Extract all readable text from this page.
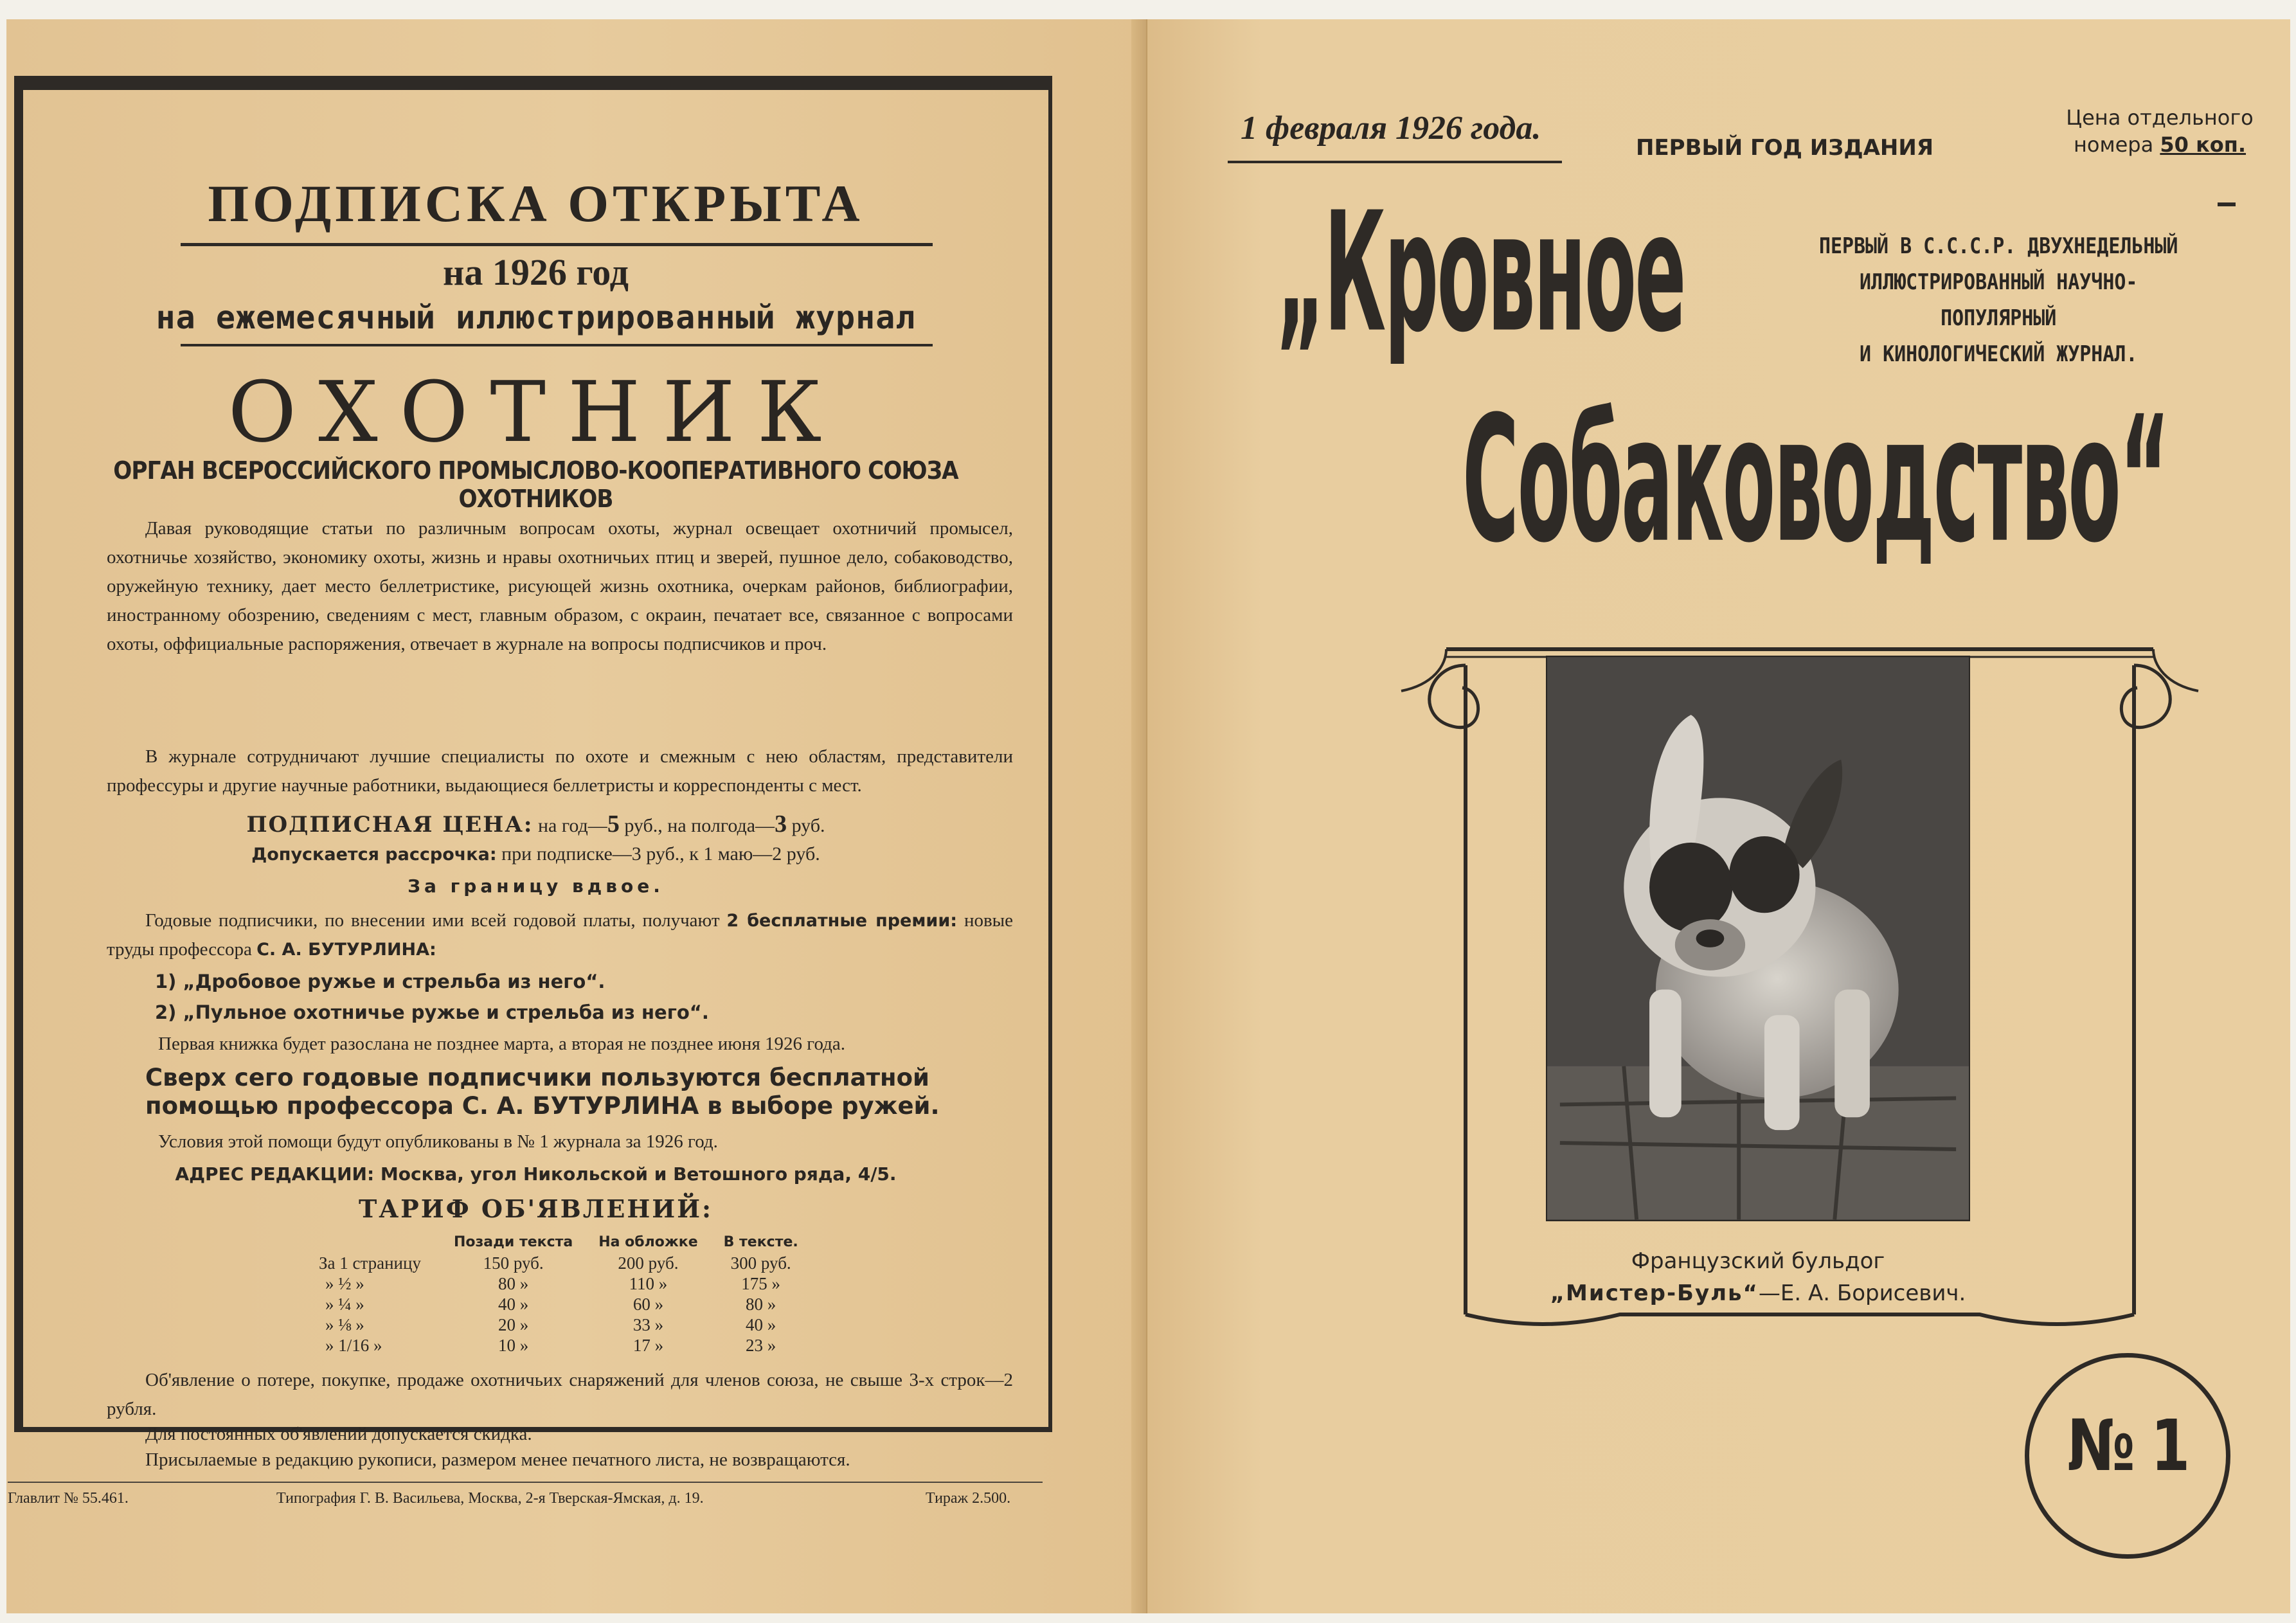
ПОДПИСКА ОТКРЫТА
на 1926 год
на ежемесячный иллюстрированный журнал
ОХОТНИК
ОРГАН ВСЕРОССИЙСКОГО ПРОМЫСЛОВО-КООПЕРАТИВНОГО СОЮЗА ОХОТНИКОВ
Давая руководящие статьи по различным вопросам охоты, журнал освещает охотничий промысел, охотничье хозяйство, экономику охоты, жизнь и нравы охотничьих птиц и зверей, пушное дело, собаководство, оружейную технику, дает место беллетристике, рисующей жизнь охотника, очеркам районов, библиографии, иностранному обозрению, сведениям с мест, главным образом, с окраин, печатает все, связанное с вопросами охоты, оффициальные распоряжения, отвечает в журнале на вопросы подписчиков и проч.
В журнале сотрудничают лучшие специалисты по охоте и смежным с нею областям, представители профессуры и другие научные работники, выдающиеся беллетристы и корреспонденты с мест.
ПОДПИСНАЯ ЦЕНА: на год—5 руб., на полгода—3 руб.
Допускается рассрочка: при подписке—3 руб., к 1 маю—2 руб.
За границу вдвое.
Годовые подписчики, по внесении ими всей годовой платы, получают 2 бесплатные премии: новые труды профессора С. А. БУТУРЛИНА:
1) „Дробовое ружье и стрельба из него“.
2) „Пульное охотничье ружье и стрельба из него“.
Первая книжка будет разослана не позднее марта, а вторая не позднее июня 1926 года.
Сверх сего годовые подписчики пользуются бесплатной помощью профессора С. А. БУТУРЛИНА в выборе ружей.
Условия этой помощи будут опубликованы в № 1 журнала за 1926 год.
АДРЕС РЕДАКЦИИ: Москва, угол Никольской и Ветошного ряда, 4/5.
ТАРИФ ОБ'ЯВЛЕНИЙ:
	Позади текста	На обложке	В тексте.
За 1 страницу	150 руб.	200 руб.	300 руб.
» ½ »	80 »	110 »	175 »
» ¼ »	40 »	60 »	80 »
» ⅛ »	20 »	33 »	40 »
» 1/16 »	10 »	17 »	23 »
Об'явление о потере, покупке, продаже охотничьих снаряжений для членов союза, не свыше 3-х строк—2 рубля.
Для постоянных об'явлений допускается скидка.
Присылаемые в редакцию рукописи, размером менее печатного листа, не возвращаются.
Главлит № 55.461.	Типография Г. В. Васильева, Москва, 2-я Тверская-Ямская, д. 19.	Тираж 2.500.
1 февраля 1926 года.
ПЕРВЫЙ ГОД ИЗДАНИЯ
Цена отдельного
номера 50 коп.
„Кровное
Собаководство“
ПЕРВЫЙ В С.С.С.Р. ДВУХНЕДЕЛЬНЫЙ
ИЛЛЮСТРИРОВАННЫЙ НАУЧНО-ПОПУЛЯРНЫЙ
И КИНОЛОГИЧЕСКИЙ ЖУРНАЛ.
Французский бульдог
„Мистер-Буль“—Е. А. Борисевич.
№ 1
